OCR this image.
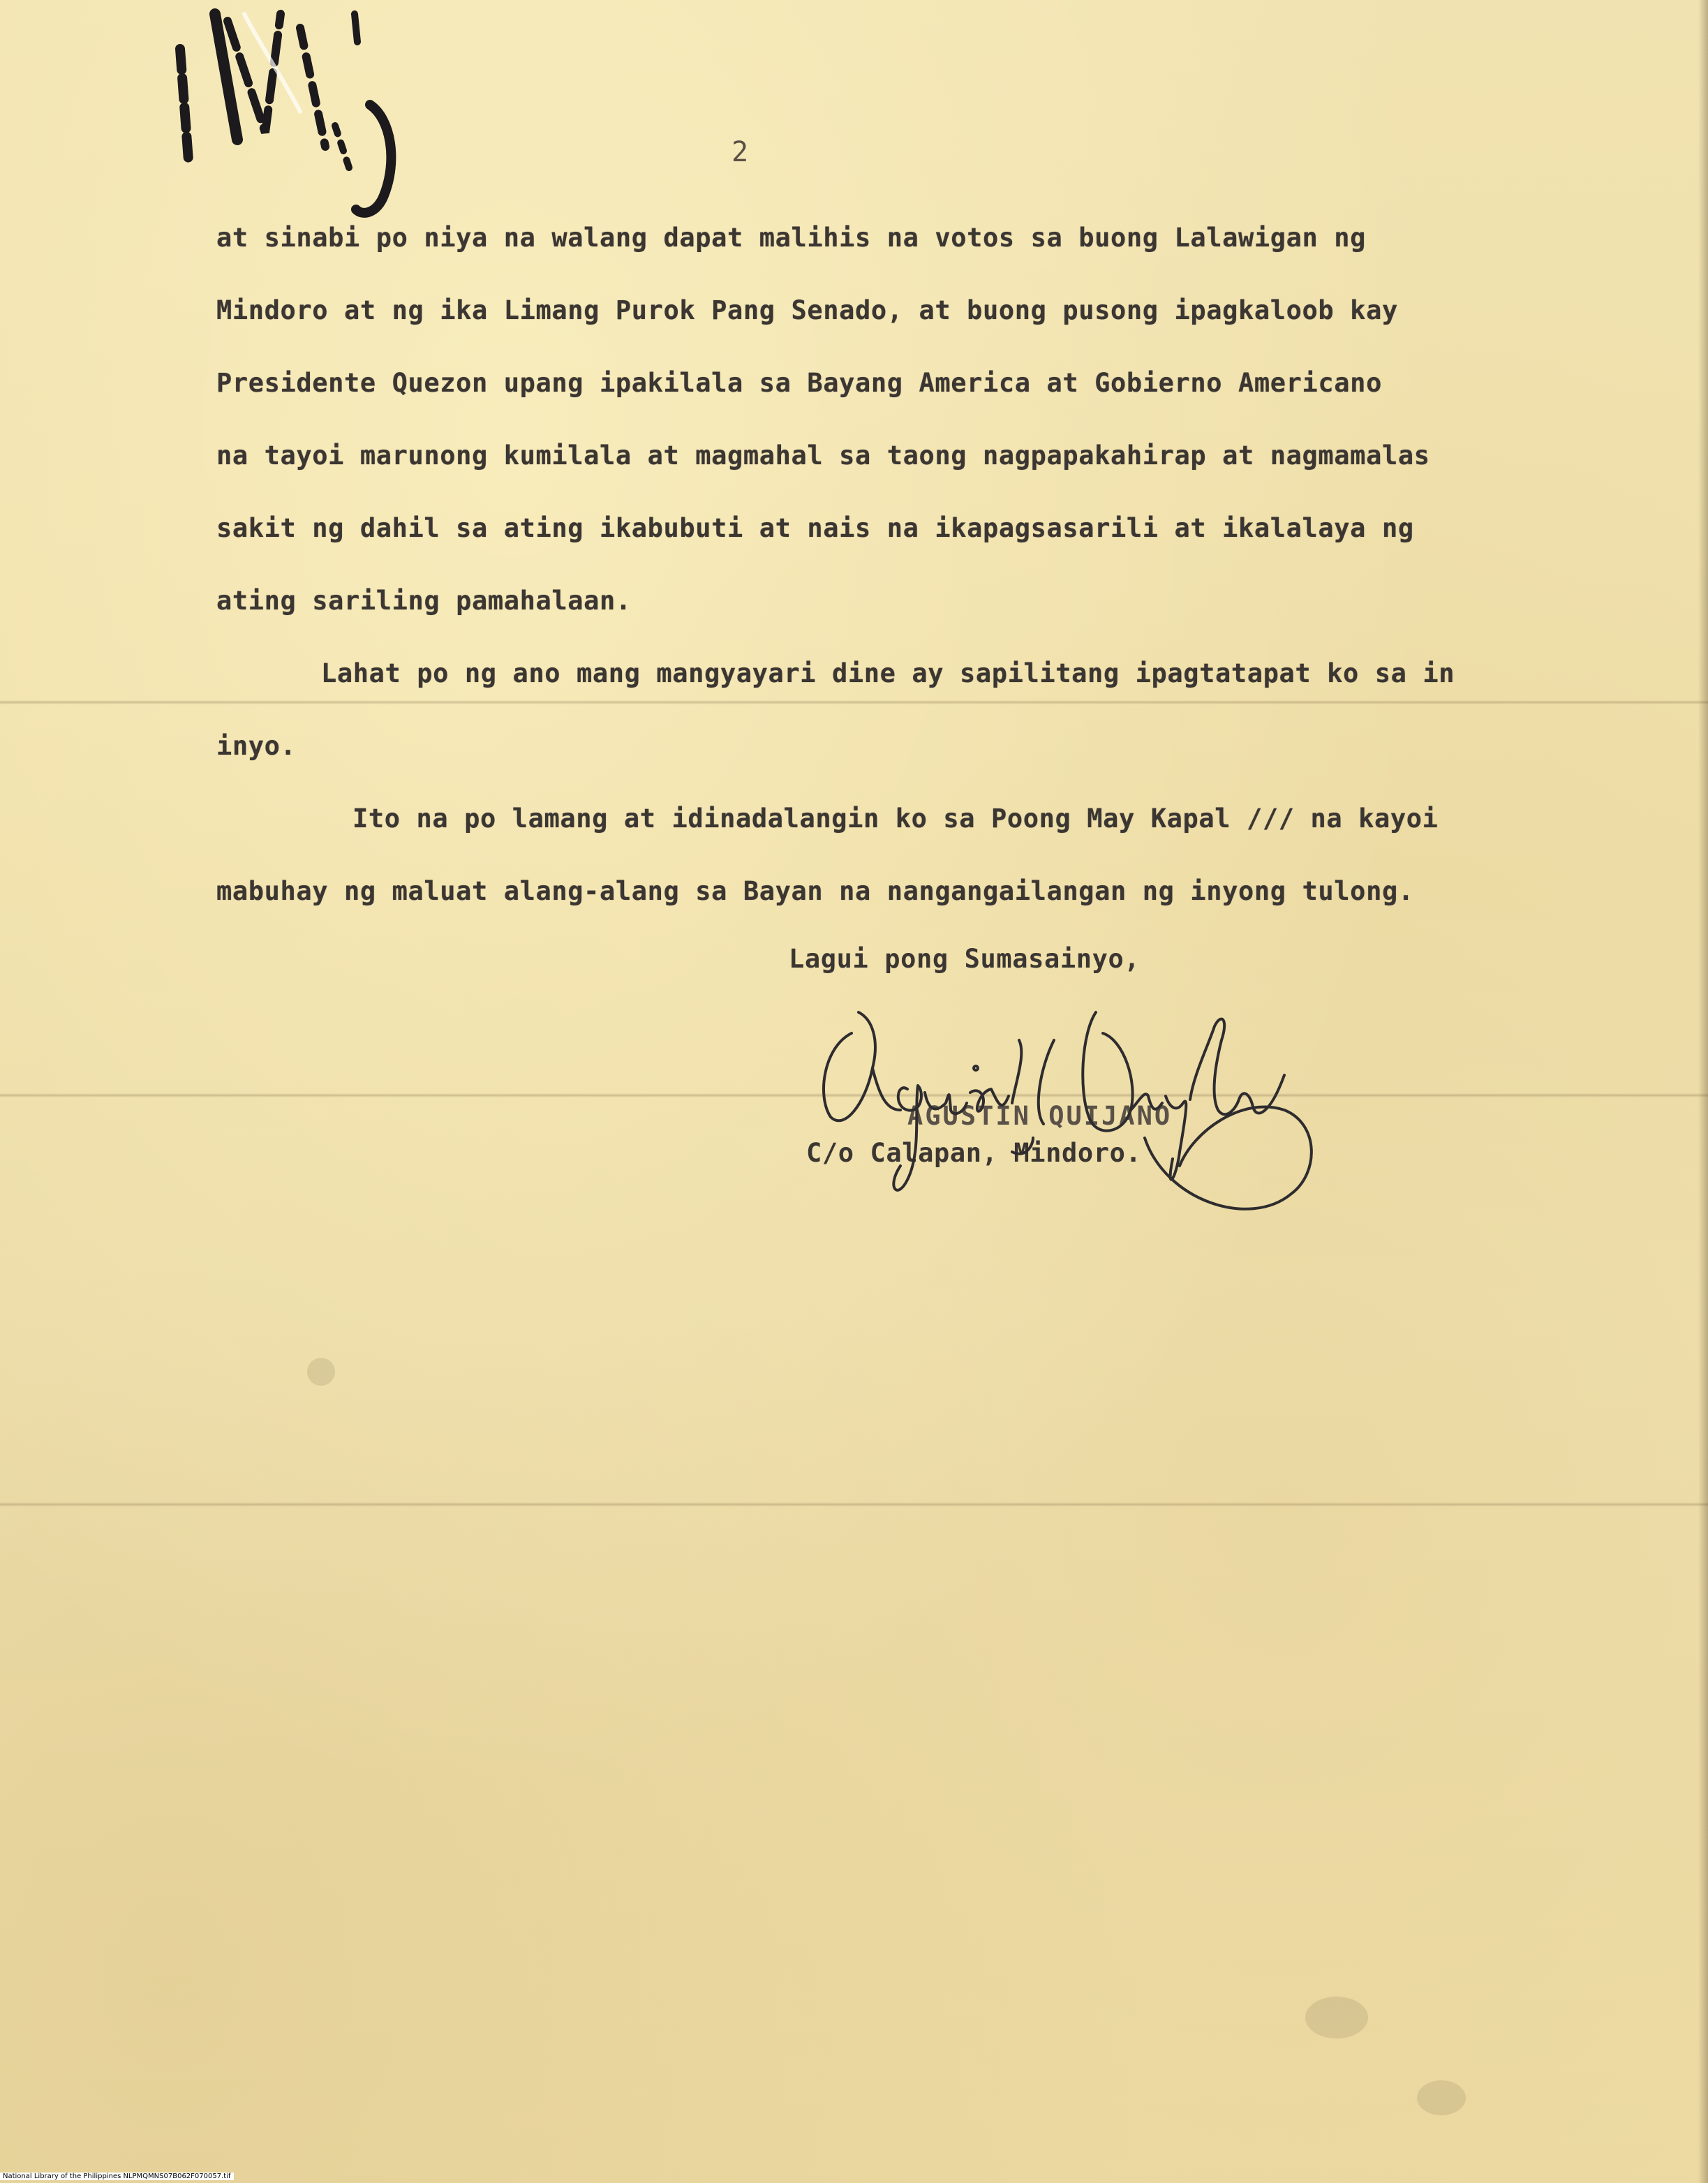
2
at sinabi po niya na walang dapat malihis na votos sa buong Lalawigan ng
Mindoro at ng ika Limang Purok Pang Senado, at buong pusong ipagkaloob kay
Presidente Quezon upang ipakilala sa Bayang America at Gobierno Americano
na tayoi marunong kumilala at magmahal sa taong nagpapakahirap at nagmamalas
sakit ng dahil sa ating ikabubuti at nais na ikapagsasarili at ikalalaya ng
ating sariling pamahalaan.
Lahat po ng ano mang mangyayari dine ay sapilitang ipagtatapat ko sa in
inyo.
Ito na po lamang at idinadalangin ko sa Poong May Kapal /// na kayoi
mabuhay ng maluat alang-alang sa Bayan na nangangailangan ng inyong tulong.
Lagui pong Sumasainyo,
AGUSTIN QUIJANO
C/o Calapan, Mindoro.
National Library of the Philippines NLPMQMNS07B062F070057.tif
